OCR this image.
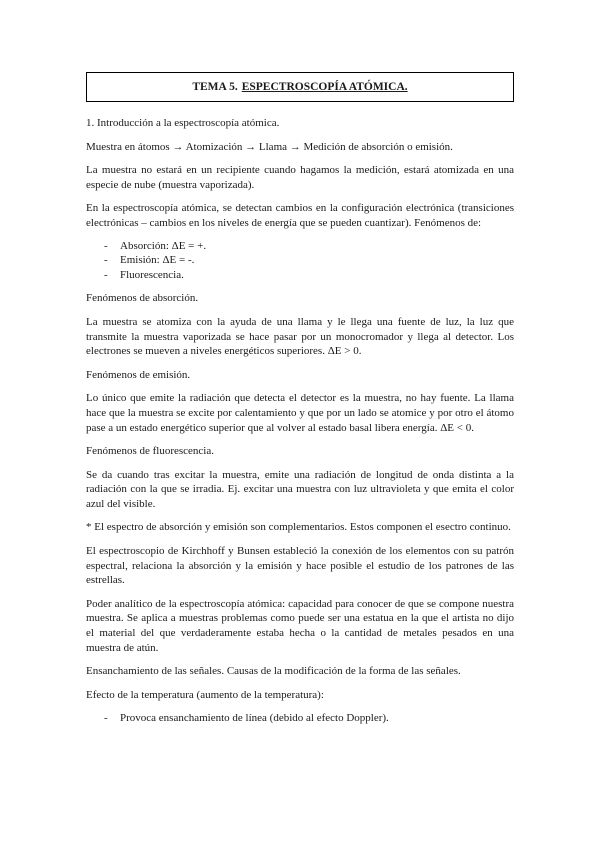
TEMA 5. ESPECTROSCOPÍA ATÓMICA.

1. Introducción a la espectroscopía atómica.

Muestra en átomos → Atomización → Llama → Medición de absorción o emisión.

La muestra no estará en un recipiente cuando hagamos la medición, estará atomizada en una especie de nube (muestra vaporizada).

En la espectroscopía atómica, se detectan cambios en la configuración electrónica (transiciones electrónicas – cambios en los niveles de energía que se pueden cuantizar). Fenómenos de:

-	Absorción: ΔE = +.
-	Emisión: ΔE = -.
-	Fluorescencia.

Fenómenos de absorción.

La muestra se atomiza con la ayuda de una llama y le llega una fuente de luz, la luz que transmite la muestra vaporizada se hace pasar por un monocromador y llega al detector. Los electrones se mueven a niveles energéticos superiores. ΔE > 0.

Fenómenos de emisión.

Lo único que emite la radiación que detecta el detector es la muestra, no hay fuente. La llama hace que la muestra se excite por calentamiento y que por un lado se atomice y por otro el átomo pase a un estado energético superior que al volver al estado basal libera energía. ΔE < 0.

Fenómenos de fluorescencia.

Se da cuando tras excitar la muestra, emite una radiación de longitud de onda distinta a la radiación con la que se irradia. Ej. excitar una muestra con luz ultravioleta y que emita el color azul del visible.

* El espectro de absorción y emisión son complementarios. Estos componen el esectro continuo.

El espectroscopio de Kirchhoff y Bunsen estableció la conexión de los elementos con su patrón espectral, relaciona la absorción y la emisión y hace posible el estudio de los patrones de las estrellas.

Poder analítico de la espectroscopía atómica: capacidad para conocer de que se compone nuestra muestra. Se aplica a muestras problemas como puede ser una estatua en la que el artista no dijo el material del que verdaderamente estaba hecha o la cantidad de metales pesados en una muestra de atún.

Ensanchamiento de las señales. Causas de la modificación de la forma de las señales.

Efecto de la temperatura (aumento de la temperatura):

-	Provoca ensanchamiento de línea (debido al efecto Doppler).
